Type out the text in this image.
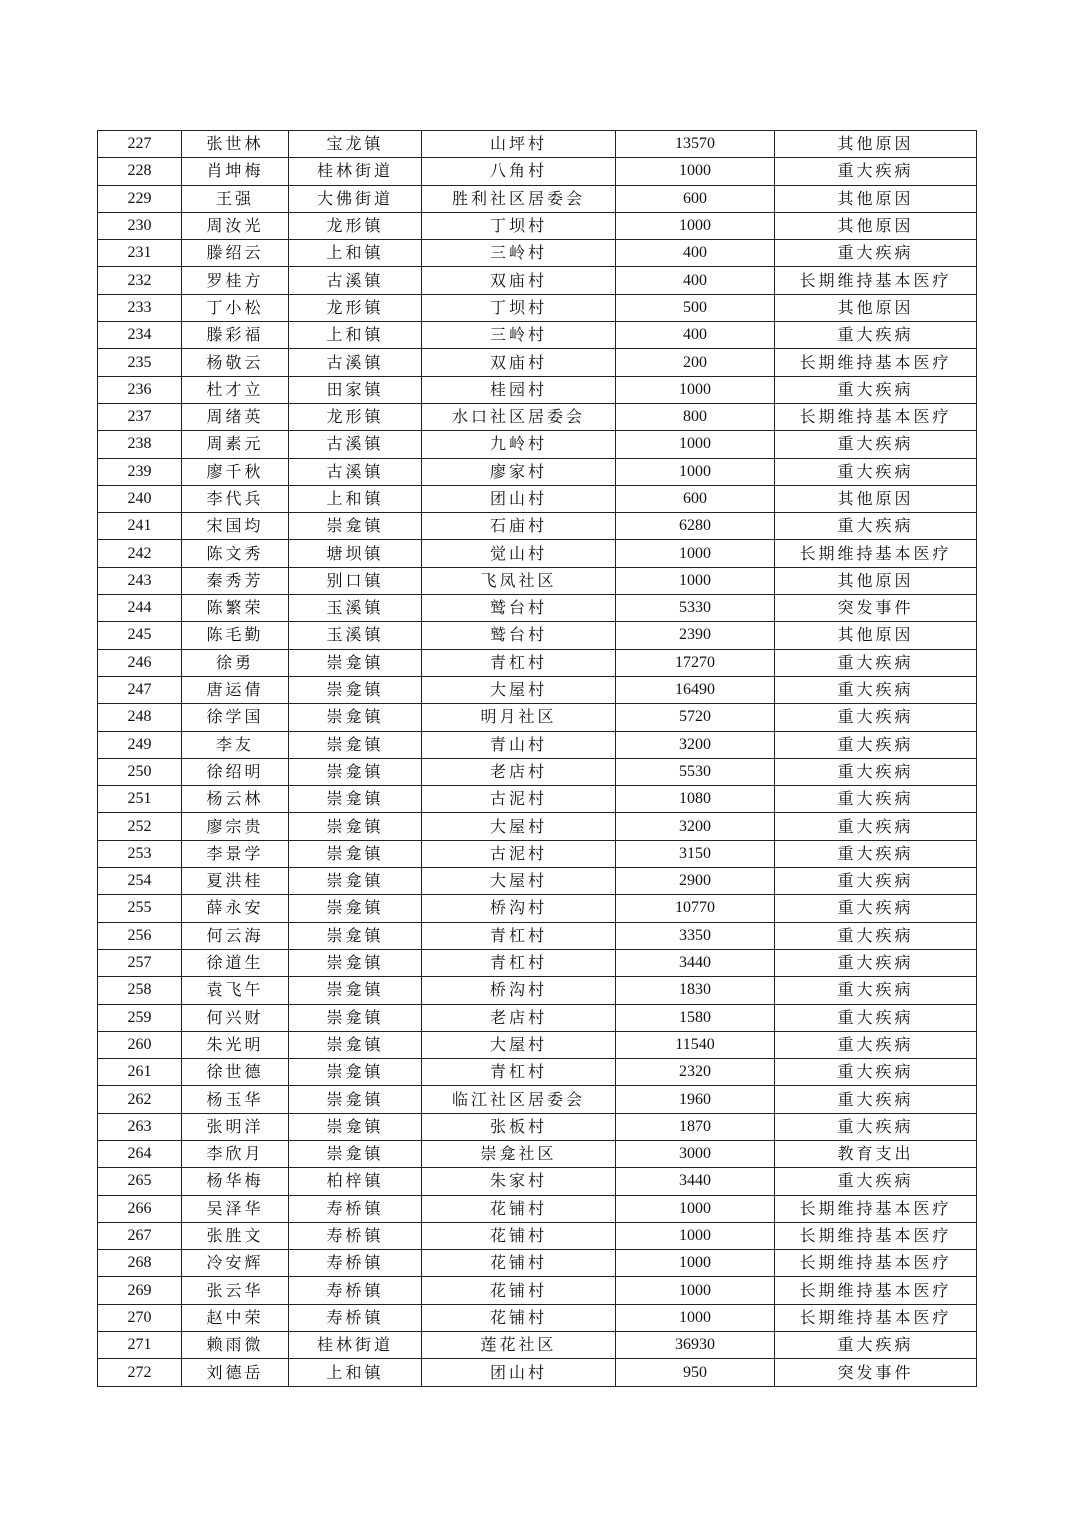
227	张世林	宝龙镇	山坪村	13570	其他原因
228	肖坤梅	桂林街道	八角村	1000	重大疾病
229	王强	大佛街道	胜利社区居委会	600	其他原因
230	周汝光	龙形镇	丁坝村	1000	其他原因
231	滕绍云	上和镇	三岭村	400	重大疾病
232	罗桂方	古溪镇	双庙村	400	长期维持基本医疗
233	丁小松	龙形镇	丁坝村	500	其他原因
234	滕彩福	上和镇	三岭村	400	重大疾病
235	杨敬云	古溪镇	双庙村	200	长期维持基本医疗
236	杜才立	田家镇	桂园村	1000	重大疾病
237	周绪英	龙形镇	水口社区居委会	800	长期维持基本医疗
238	周素元	古溪镇	九岭村	1000	重大疾病
239	廖千秋	古溪镇	廖家村	1000	重大疾病
240	李代兵	上和镇	团山村	600	其他原因
241	宋国均	崇龛镇	石庙村	6280	重大疾病
242	陈文秀	塘坝镇	觉山村	1000	长期维持基本医疗
243	秦秀芳	别口镇	飞凤社区	1000	其他原因
244	陈繁荣	玉溪镇	鹫台村	5330	突发事件
245	陈毛勤	玉溪镇	鹫台村	2390	其他原因
246	徐勇	崇龛镇	青杠村	17270	重大疾病
247	唐运倩	崇龛镇	大屋村	16490	重大疾病
248	徐学国	崇龛镇	明月社区	5720	重大疾病
249	李友	崇龛镇	青山村	3200	重大疾病
250	徐绍明	崇龛镇	老店村	5530	重大疾病
251	杨云林	崇龛镇	古泥村	1080	重大疾病
252	廖宗贵	崇龛镇	大屋村	3200	重大疾病
253	李景学	崇龛镇	古泥村	3150	重大疾病
254	夏洪桂	崇龛镇	大屋村	2900	重大疾病
255	薛永安	崇龛镇	桥沟村	10770	重大疾病
256	何云海	崇龛镇	青杠村	3350	重大疾病
257	徐道生	崇龛镇	青杠村	3440	重大疾病
258	袁飞午	崇龛镇	桥沟村	1830	重大疾病
259	何兴财	崇龛镇	老店村	1580	重大疾病
260	朱光明	崇龛镇	大屋村	11540	重大疾病
261	徐世德	崇龛镇	青杠村	2320	重大疾病
262	杨玉华	崇龛镇	临江社区居委会	1960	重大疾病
263	张明洋	崇龛镇	张板村	1870	重大疾病
264	李欣月	崇龛镇	崇龛社区	3000	教育支出
265	杨华梅	柏梓镇	朱家村	3440	重大疾病
266	吴泽华	寿桥镇	花铺村	1000	长期维持基本医疗
267	张胜文	寿桥镇	花铺村	1000	长期维持基本医疗
268	冷安辉	寿桥镇	花铺村	1000	长期维持基本医疗
269	张云华	寿桥镇	花铺村	1000	长期维持基本医疗
270	赵中荣	寿桥镇	花铺村	1000	长期维持基本医疗
271	赖雨微	桂林街道	莲花社区	36930	重大疾病
272	刘德岳	上和镇	团山村	950	突发事件
